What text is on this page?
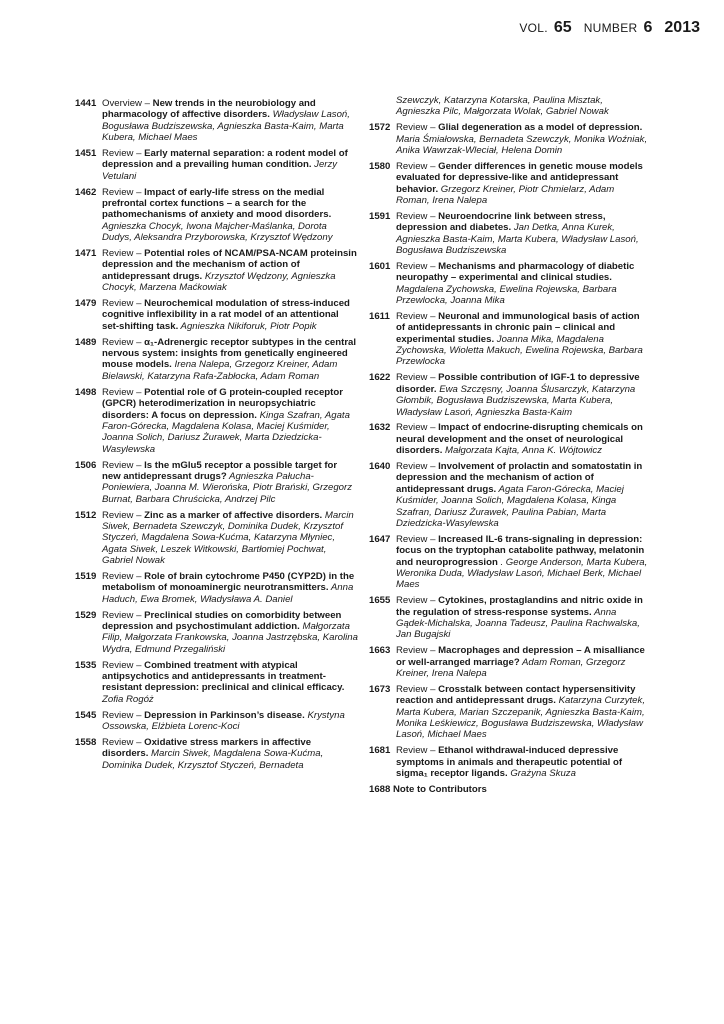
VOL. 65 NUMBER 6 2013
1441 Overview – New trends in the neurobiology and pharmacology of affective disorders. Władysław Lasoń, Bogusława Budziszewska, Agnieszka Basta-Kaim, Marta Kubera, Michael Maes
1451 Review – Early maternal separation: a rodent model of depression and a prevailing human condition. Jerzy Vetulani
1462 Review – Impact of early-life stress on the medial prefrontal cortex functions – a search for the pathomechanisms of anxiety and mood disorders. Agnieszka Chocyk, Iwona Majcher-Maślanka, Dorota Dudys, Aleksandra Przyborowska, Krzysztof Wędzony
1471 Review – Potential roles of NCAM/PSA-NCAM proteinsin depression and the mechanism of action of antidepressant drugs. Krzysztof Wędzony, Agnieszka Chocyk, Marzena Maćkowiak
1479 Review – Neurochemical modulation of stress-induced cognitive inflexibility in a rat model of an attentional set-shifting task. Agnieszka Nikiforuk, Piotr Popik
1489 Review – α₁-Adrenergic receptor subtypes in the central nervous system: insights from genetically engineered mouse models. Irena Nalepa, Grzegorz Kreiner, Adam Bielawski, Katarzyna Rafa-Zabłocka, Adam Roman
1498 Review – Potential role of G protein-coupled receptor (GPCR) heterodimerization in neuropsychiatric disorders: A focus on depression. Kinga Szafran, Agata Faron-Górecka, Magdalena Kolasa, Maciej Kuśmider, Joanna Solich, Dariusz Żurawek, Marta Dziedzicka-Wasylewska
1506 Review – Is the mGlu5 receptor a possible target for new antidepressant drugs? Agnieszka Pałucha-Poniewiera, Joanna M. Wierońska, Piotr Brański, Grzegorz Burnat, Barbara Chruścicka, Andrzej Pilc
1512 Review – Zinc as a marker of affective disorders. Marcin Siwek, Bernadeta Szewczyk, Dominika Dudek, Krzysztof Styczeń, Magdalena Sowa-Kućma, Katarzyna Młyniec, Agata Siwek, Leszek Witkowski, Bartłomiej Pochwat, Gabriel Nowak
1519 Review – Role of brain cytochrome P450 (CYP2D) in the metabolism of monoaminergic neurotransmitters. Anna Haduch, Ewa Bromek, Władysława A. Daniel
1529 Review – Preclinical studies on comorbidity between depression and psychostimulant addiction. Małgorzata Filip, Małgorzata Frankowska, Joanna Jastrzębska, Karolina Wydra, Edmund Przegaliński
1535 Review – Combined treatment with atypical antipsychotics and antidepressants in treatment-resistant depression: preclinical and clinical efficacy. Zofia Rogóż
1545 Review – Depression in Parkinson’s disease. Krystyna Ossowska, Elżbieta Lorenc-Koci
1558 Review – Oxidative stress markers in affective disorders. Marcin Siwek, Magdalena Sowa-Kućma, Dominika Dudek, Krzysztof Styczeń, Bernadeta
Szewczyk, Katarzyna Kotarska, Paulina Misztak, Agnieszka Pilc, Małgorzata Wolak, Gabriel Nowak
1572 Review – Glial degeneration as a model of depression. Maria Śmiałowska, Bernadeta Szewczyk, Monika Woźniak, Anika Wawrzak-Wleciał, Helena Domin
1580 Review – Gender differences in genetic mouse models evaluated for depressive-like and antidepressant behavior. Grzegorz Kreiner, Piotr Chmielarz, Adam Roman, Irena Nalepa
1591 Review – Neuroendocrine link between stress, depression and diabetes. Jan Detka, Anna Kurek, Agnieszka Basta-Kaim, Marta Kubera, Władysław Lasoń, Bogusława Budziszewska
1601 Review – Mechanisms and pharmacology of diabetic neuropathy – experimental and clinical studies. Magdalena Zychowska, Ewelina Rojewska, Barbara Przewlocka, Joanna Mika
1611 Review – Neuronal and immunological basis of action of antidepressants in chronic pain – clinical and experimental studies. Joanna Mika, Magdalena Zychowska, Wioletta Makuch, Ewelina Rojewska, Barbara Przewlocka
1622 Review – Possible contribution of IGF-1 to depressive disorder. Ewa Szczęsny, Joanna Ślusarczyk, Katarzyna Głombik, Bogusława Budziszewska, Marta Kubera, Władysław Lasoń, Agnieszka Basta-Kaim
1632 Review – Impact of endocrine-disrupting chemicals on neural development and the onset of neurological disorders. Małgorzata Kajta, Anna K. Wójtowicz
1640 Review – Involvement of prolactin and somatostatin in depression and the mechanism of action of antidepressant drugs. Agata Faron-Górecka, Maciej Kuśmider, Joanna Solich, Magdalena Kolasa, Kinga Szafran, Dariusz Żurawek, Paulina Pabian, Marta Dziedzicka-Wasylewska
1647 Review – Increased IL-6 trans-signaling in depression: focus on the tryptophan catabolite pathway, melatonin and neuroprogression . George Anderson, Marta Kubera, Weronika Duda, Władysław Lasoń, Michael Berk, Michael Maes
1655 Review – Cytokines, prostaglandins and nitric oxide in the regulation of stress-response systems. Anna Gądek-Michalska, Joanna Tadeusz, Paulina Rachwalska, Jan Bugajski
1663 Review – Macrophages and depression – A misalliance or well-arranged marriage? Adam Roman, Grzegorz Kreiner, Irena Nalepa
1673 Review – Crosstalk between contact hypersensitivity reaction and antidepressant drugs. Katarzyna Curzytek, Marta Kubera, Marian Szczepanik, Agnieszka Basta-Kaim, Monika Leśkiewicz, Bogusława Budziszewska, Władysław Lasoń, Michael Maes
1681 Review – Ethanol withdrawal-induced depressive symptoms in animals and therapeutic potential of sigma₁ receptor ligands. Grażyna Skuza
1688 Note to Contributors
